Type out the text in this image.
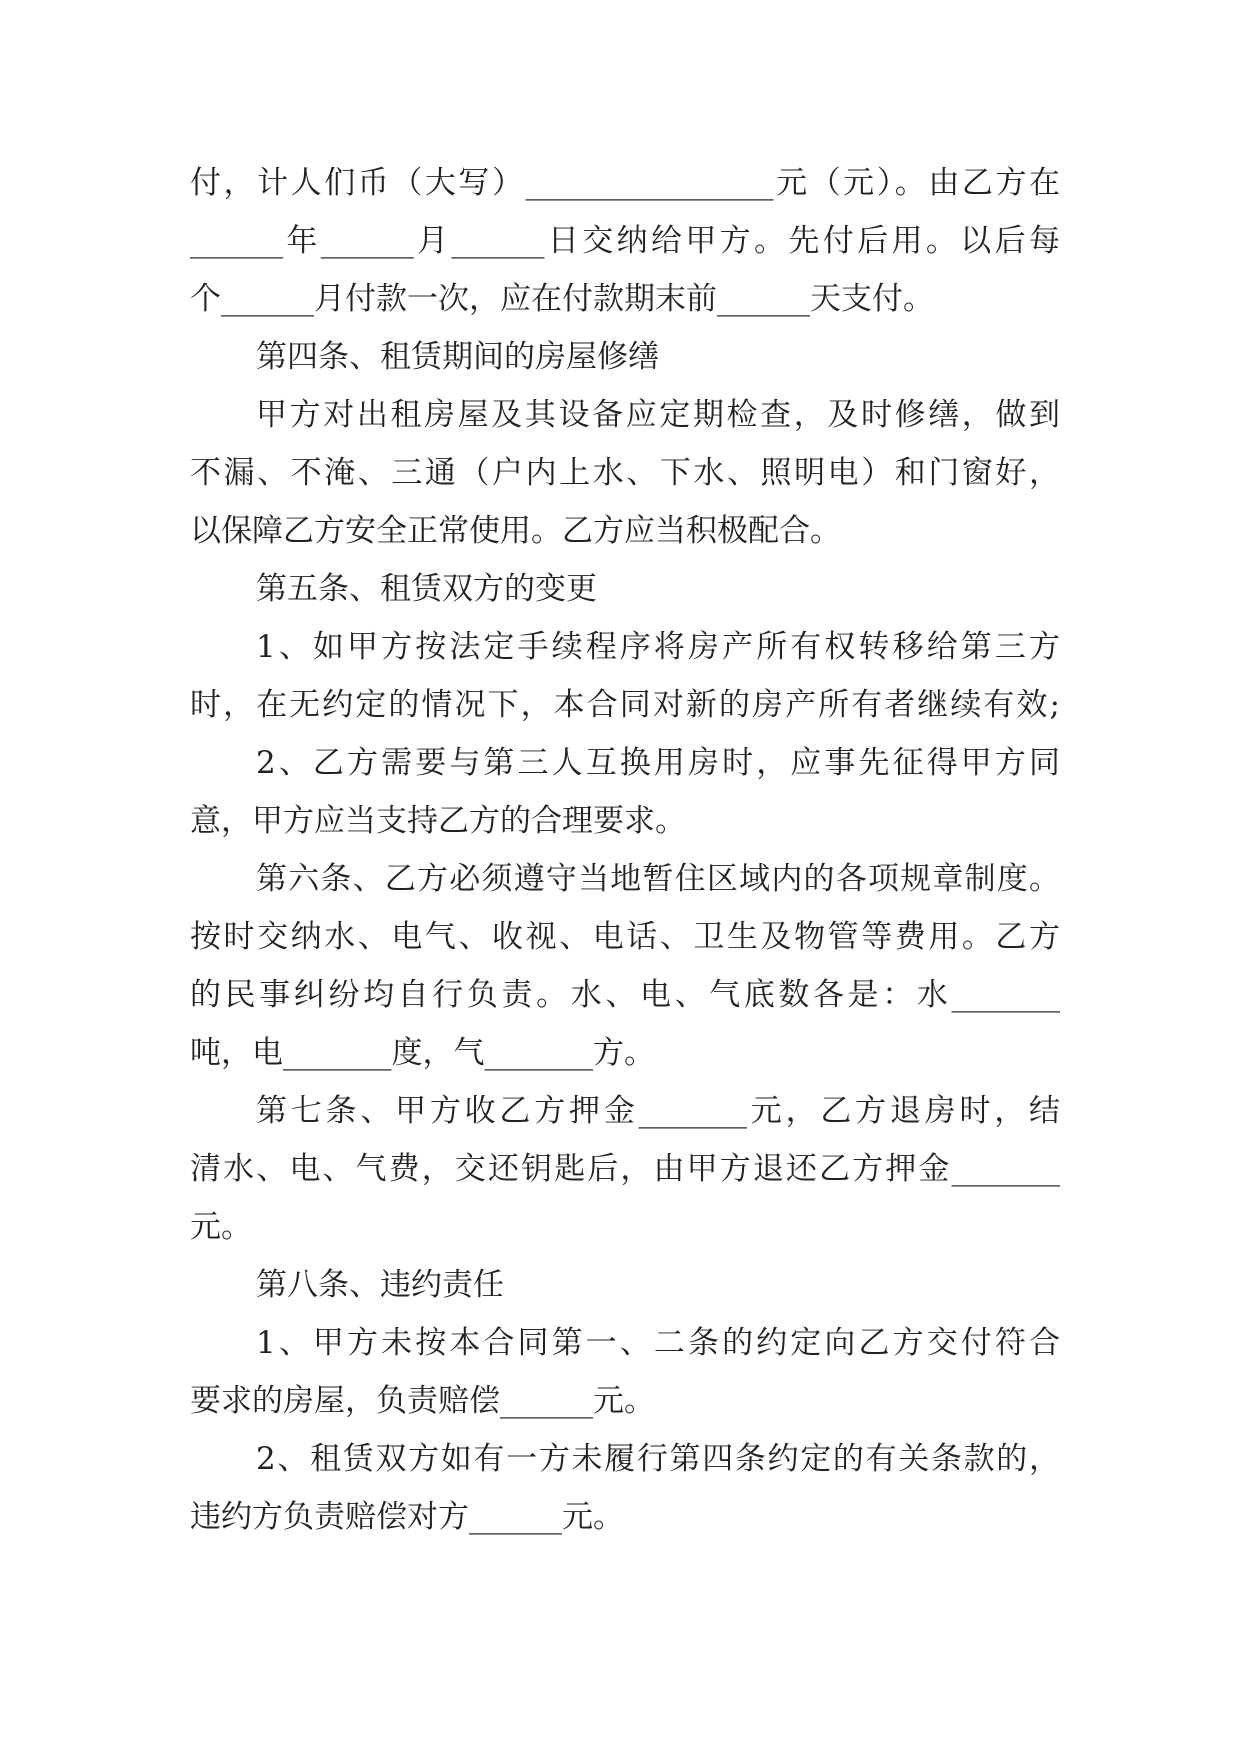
付，计人们币（大写）________________元（元）。由乙方在
______年______月______日交纳给甲方。先付后用。以后每
个______月付款一次，应在付款期末前______天支付。
第四条、租赁期间的房屋修缮
甲方对出租房屋及其设备应定期检查，及时修缮，做到
不漏、不淹、三通（户内上水、下水、照明电）和门窗好，
以保障乙方安全正常使用。乙方应当积极配合。
第五条、租赁双方的变更
1、如甲方按法定手续程序将房产所有权转移给第三方
时，在无约定的情况下，本合同对新的房产所有者继续有效;
2、乙方需要与第三人互换用房时，应事先征得甲方同
意，甲方应当支持乙方的合理要求。
第六条、乙方必须遵守当地暂住区域内的各项规章制度。
按时交纳水、电气、收视、电话、卫生及物管等费用。乙方
的民事纠纷均自行负责。水、电、气底数各是：水_______
吨，电_______度，气_______方。
第七条、甲方收乙方押金_______元，乙方退房时，结
清水、电、气费，交还钥匙后，由甲方退还乙方押金_______
元。
第八条、违约责任
1、甲方未按本合同第一、二条的约定向乙方交付符合
要求的房屋，负责赔偿______元。
2、租赁双方如有一方未履行第四条约定的有关条款的，
违约方负责赔偿对方______元。
